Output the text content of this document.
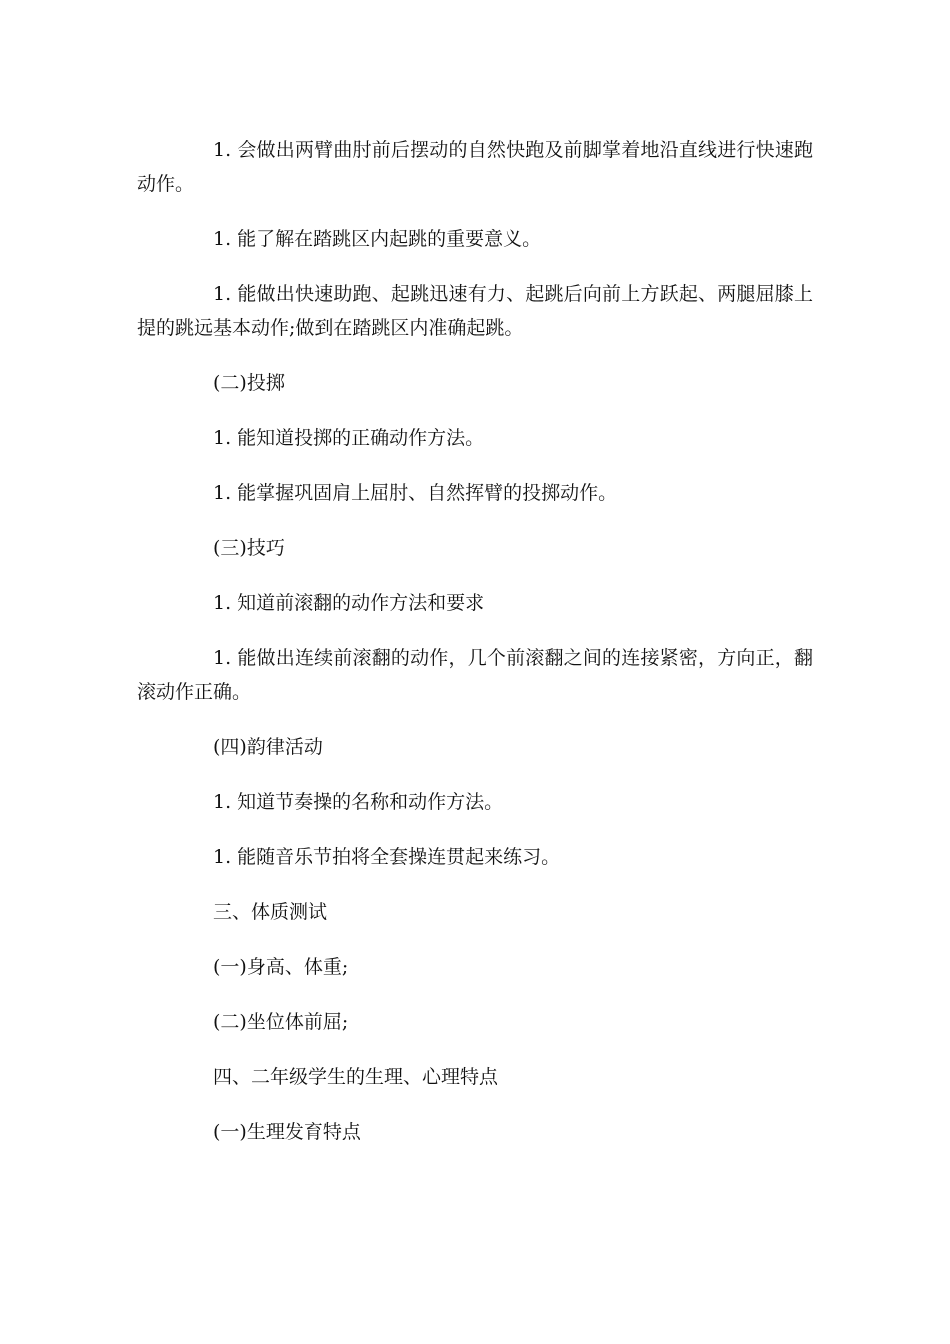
1. 会做出两臂曲肘前后摆动的自然快跑及前脚掌着地沿直线进行快速跑动作。

1. 能了解在踏跳区内起跳的重要意义。

1. 能做出快速助跑、起跳迅速有力、起跳后向前上方跃起、两腿屈膝上提的跳远基本动作;做到在踏跳区内准确起跳。

(二)投掷

1. 能知道投掷的正确动作方法。

1. 能掌握巩固肩上屈肘、自然挥臂的投掷动作。

(三)技巧

1. 知道前滚翻的动作方法和要求

1. 能做出连续前滚翻的动作，几个前滚翻之间的连接紧密，方向正，翻滚动作正确。

(四)韵律活动

1. 知道节奏操的名称和动作方法。

1. 能随音乐节拍将全套操连贯起来练习。

三、体质测试

(一)身高、体重;

(二)坐位体前屈;

四、二年级学生的生理、心理特点

(一)生理发育特点
